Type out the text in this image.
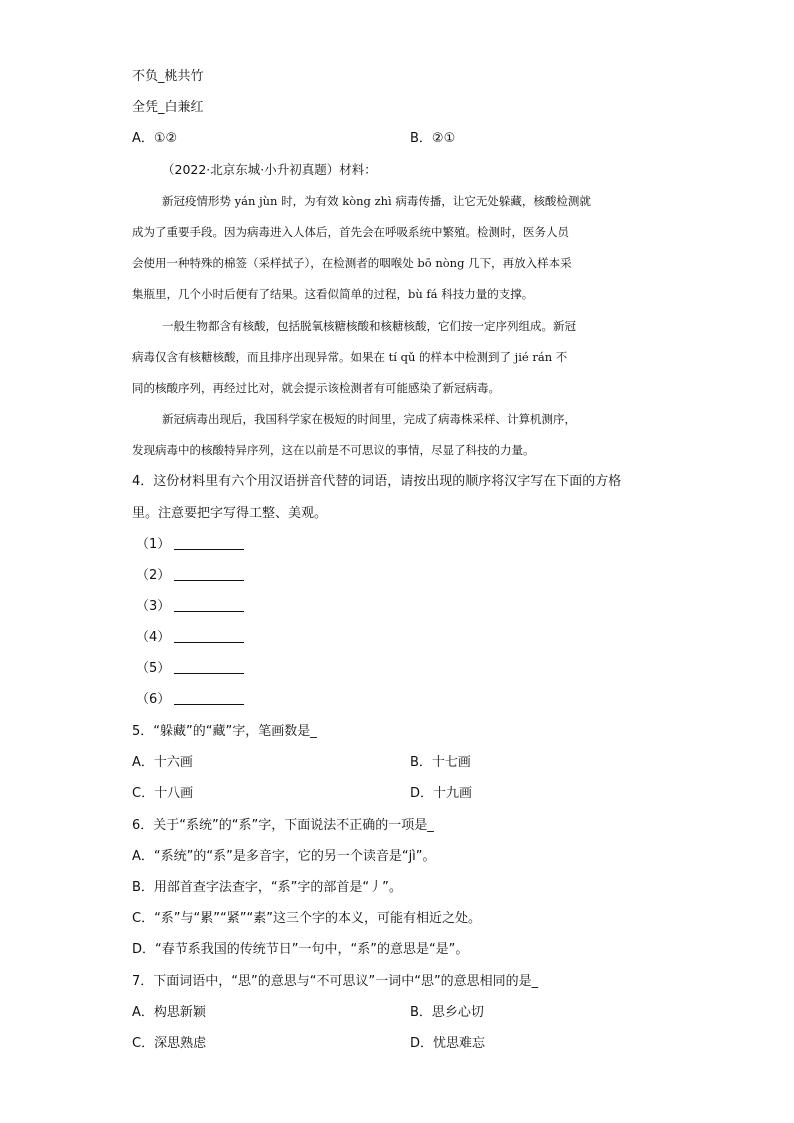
不负_桃共竹
全凭_白兼红
A．①②	B．②①
（2022·北京东城·小升初真题）材料：
新冠疫情形势 yán jùn 时，为有效 kòng zhì 病毒传播，让它无处躲藏，核酸检测就
成为了重要手段。因为病毒进入人体后，首先会在呼吸系统中繁殖。检测时，医务人员
会使用一种特殊的棉签（采样拭子），在检测者的咽喉处 bō nòng 几下，再放入样本采
集瓶里，几个小时后便有了结果。这看似简单的过程，bù fá 科技力量的支撑。
一般生物都含有核酸，包括脱氧核糖核酸和核糖核酸，它们按一定序列组成。新冠
病毒仅含有核糖核酸，而且排序出现异常。如果在 tí qǔ 的样本中检测到了 jié rán 不
同的核酸序列，再经过比对，就会提示该检测者有可能感染了新冠病毒。
新冠病毒出现后，我国科学家在极短的时间里，完成了病毒株采样、计算机测序，
发现病毒中的核酸特异序列，这在以前是不可思议的事情，尽显了科技的力量。
4．这份材料里有六个用汉语拼音代替的词语，请按出现的顺序将汉字写在下面的方格
里。注意要把字写得工整、美观。
（1）
（2）
（3）
（4）
（5）
（6）
5．“躲藏”的“藏”字，笔画数是_
A．十六画	B．十七画
C．十八画	D．十九画
6．关于“系统”的“系”字，下面说法不正确的一项是_
A．“系统”的“系”是多音字，它的另一个读音是“jì”。
B．用部首查字法查字，“系”字的部首是“丿”。
C．“系”与“累”“紧”“素”这三个字的本义，可能有相近之处。
D．“春节系我国的传统节日”一句中，“系”的意思是“是”。
7．下面词语中，“思”的意思与“不可思议”一词中“思”的意思相同的是_
A．构思新颖	B．思乡心切
C．深思熟虑	D．忧思难忘
